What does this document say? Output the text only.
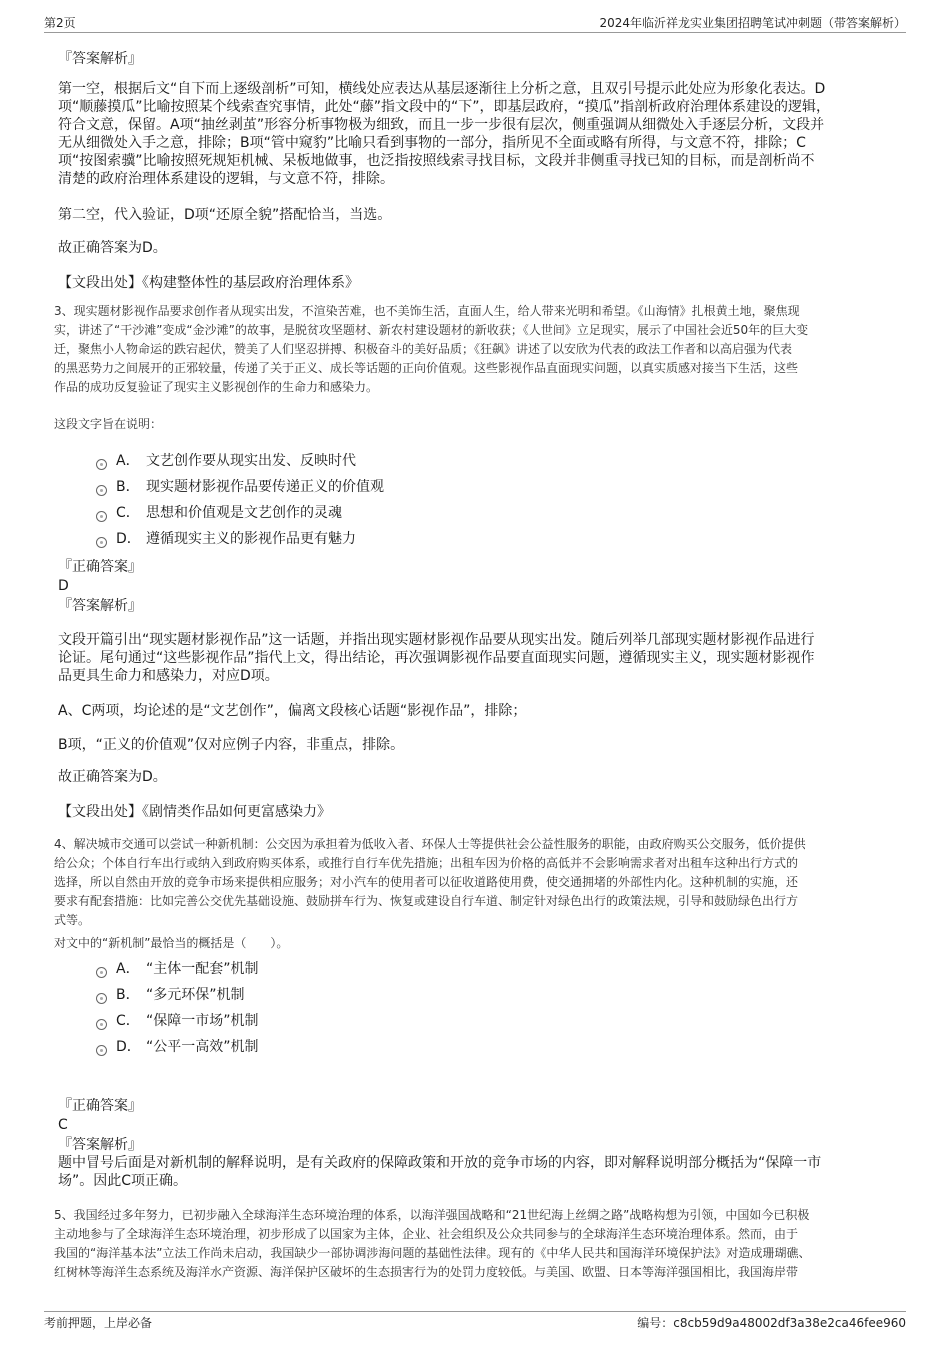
第2页	2024年临沂祥龙实业集团招聘笔试冲刺题（带答案解析）
『答案解析』
第一空，根据后文“自下而上逐级剖析”可知，横线处应表达从基层逐渐往上分析之意，且双引号提示此处应为形象化表达。D
项“顺藤摸瓜”比喻按照某个线索查究事情，此处“藤”指文段中的“下”，即基层政府，“摸瓜”指剖析政府治理体系建设的逻辑，
符合文意，保留。A项“抽丝剥茧”形容分析事物极为细致，而且一步一步很有层次，侧重强调从细微处入手逐层分析，文段并
无从细微处入手之意，排除；B项“管中窥豹”比喻只看到事物的一部分，指所见不全面或略有所得，与文意不符，排除；C
项“按图索骥”比喻按照死规矩机械、呆板地做事，也泛指按照线索寻找目标，文段并非侧重寻找已知的目标，而是剖析尚不
清楚的政府治理体系建设的逻辑，与文意不符，排除。
第二空，代入验证，D项“还原全貌”搭配恰当，当选。
故正确答案为D。
【文段出处】《构建整体性的基层政府治理体系》
3、现实题材影视作品要求创作者从现实出发，不渲染苦难，也不美饰生活，直面人生，给人带来光明和希望。《山海情》扎根黄土地，聚焦现
实，讲述了“干沙滩”变成“金沙滩”的故事，是脱贫攻坚题材、新农村建设题材的新收获；《人世间》立足现实，展示了中国社会近50年的巨大变
迁，聚焦小人物命运的跌宕起伏，赞美了人们坚忍拼搏、积极奋斗的美好品质；《狂飙》讲述了以安欣为代表的政法工作者和以高启强为代表
的黑恶势力之间展开的正邪较量，传递了关于正义、成长等话题的正向价值观。这些影视作品直面现实问题，以真实质感对接当下生活，这些
作品的成功反复验证了现实主义影视创作的生命力和感染力。
这段文字旨在说明：
A． 文艺创作要从现实出发、反映时代
B． 现实题材影视作品要传递正义的价值观
C． 思想和价值观是文艺创作的灵魂
D． 遵循现实主义的影视作品更有魅力
『正确答案』
D
『答案解析』
文段开篇引出“现实题材影视作品”这一话题，并指出现实题材影视作品要从现实出发。随后列举几部现实题材影视作品进行
论证。尾句通过“这些影视作品”指代上文，得出结论，再次强调影视作品要直面现实问题，遵循现实主义，现实题材影视作
品更具生命力和感染力，对应D项。
A、C两项，均论述的是“文艺创作”，偏离文段核心话题“影视作品”，排除；
B项，“正义的价值观”仅对应例子内容，非重点，排除。
故正确答案为D。
【文段出处】《剧情类作品如何更富感染力》
4、解决城市交通可以尝试一种新机制：公交因为承担着为低收入者、环保人士等提供社会公益性服务的职能，由政府购买公交服务，低价提供
给公众；个体自行车出行或纳入到政府购买体系，或推行自行车优先措施；出租车因为价格的高低并不会影响需求者对出租车这种出行方式的
选择，所以自然由开放的竞争市场来提供相应服务；对小汽车的使用者可以征收道路使用费，使交通拥堵的外部性内化。这种机制的实施，还
要求有配套措施：比如完善公交优先基础设施、鼓励拼车行为、恢复或建设自行车道、制定针对绿色出行的政策法规，引导和鼓励绿色出行方
式等。
对文中的“新机制”最恰当的概括是（　　）。
A． “主体一配套”机制
B． “多元环保”机制
C． “保障一市场”机制
D． “公平一高效”机制
『正确答案』
C
『答案解析』
题中冒号后面是对新机制的解释说明，是有关政府的保障政策和开放的竞争市场的内容，即对解释说明部分概括为“保障一市
场”。因此C项正确。
5、我国经过多年努力，已初步融入全球海洋生态环境治理的体系，以海洋强国战略和“21世纪海上丝绸之路”战略构想为引领，中国如今已积极
主动地参与了全球海洋生态环境治理，初步形成了以国家为主体，企业、社会组织及公众共同参与的全球海洋生态环境治理体系。然而，由于
我国的“海洋基本法”立法工作尚未启动，我国缺少一部协调涉海问题的基础性法律。现有的《中华人民共和国海洋环境保护法》对造成珊瑚礁、
红树林等海洋生态系统及海洋水产资源、海洋保护区破坏的生态损害行为的处罚力度较低。与美国、欧盟、日本等海洋强国相比，我国海岸带
考前押题，上岸必备	编号：c8cb59d9a48002df3a38e2ca46fee960
